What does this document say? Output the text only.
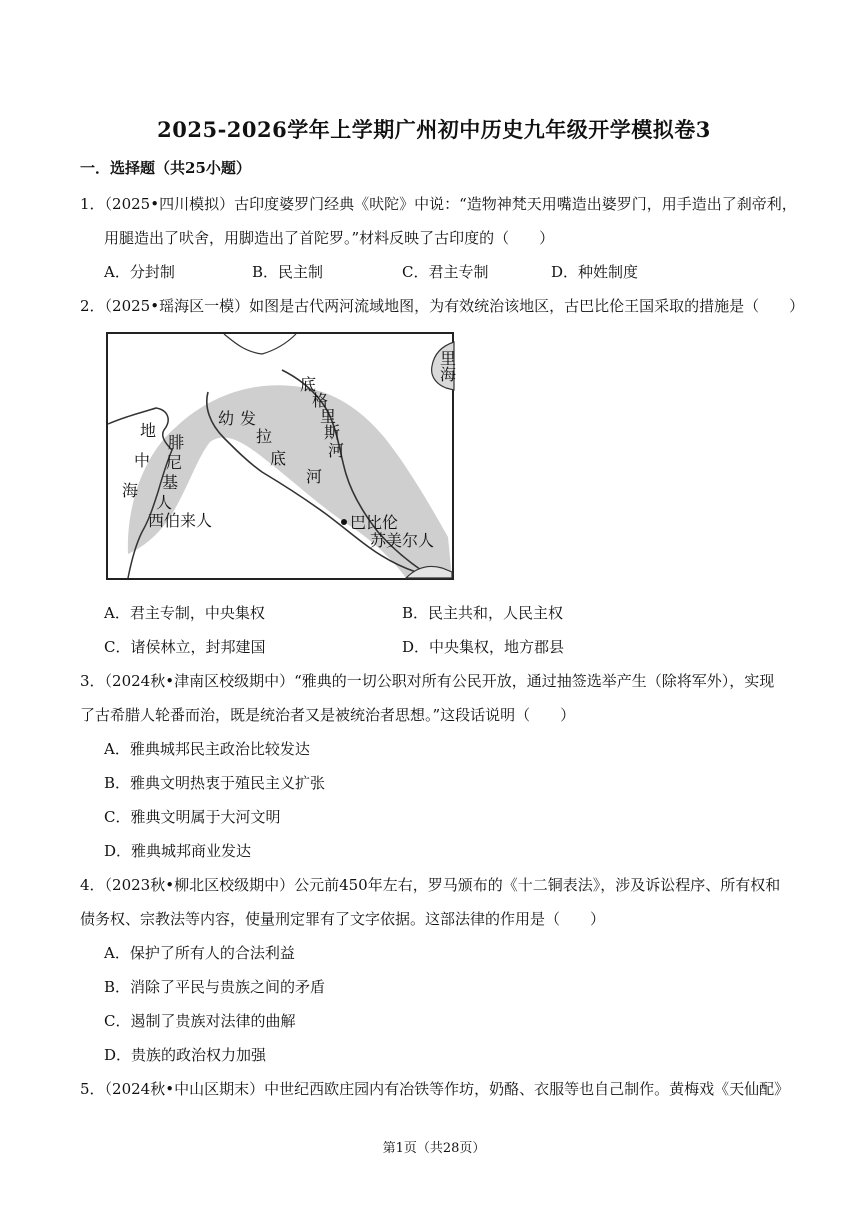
2025-2026学年上学期广州初中历史九年级开学模拟卷3
一．选择题（共25小题）
1．（2025•四川模拟）古印度婆罗门经典《吠陀》中说：“造物神梵天用嘴造出婆罗门，用手造出了刹帝利，
用腿造出了吠舍，用脚造出了首陀罗。”材料反映了古印度的（　　）
A．分封制	B．民主制	C．君主专制	D．种姓制度
2．（2025•瑶海区一模）如图是古代两河流域地图，为有效统治该地区，古巴比伦王国采取的措施是（　　）
地
中
海
腓
尼
基
人
西伯来人
幼 发
拉
底
河
底
格
里
斯
河
巴比伦
苏美尔人
里
海
A．君主专制，中央集权	B．民主共和，人民主权
C．诸侯林立，封邦建国	D．中央集权，地方郡县
3．（2024秋•津南区校级期中）“雅典的一切公职对所有公民开放，通过抽签选举产生（除将军外），实现
了古希腊人轮番而治，既是统治者又是被统治者思想。”这段话说明（　　）
A．雅典城邦民主政治比较发达
B．雅典文明热衷于殖民主义扩张
C．雅典文明属于大河文明
D．雅典城邦商业发达
4．（2023秋•柳北区校级期中）公元前450年左右，罗马颁布的《十二铜表法》，涉及诉讼程序、所有权和
债务权、宗教法等内容，使量刑定罪有了文字依据。这部法律的作用是（　　）
A．保护了所有人的合法利益
B．消除了平民与贵族之间的矛盾
C．遏制了贵族对法律的曲解
D．贵族的政治权力加强
5．（2024秋•中山区期末）中世纪西欧庄园内有冶铁等作坊，奶酪、衣服等也自己制作。黄梅戏《天仙配》
第1页（共28页）
